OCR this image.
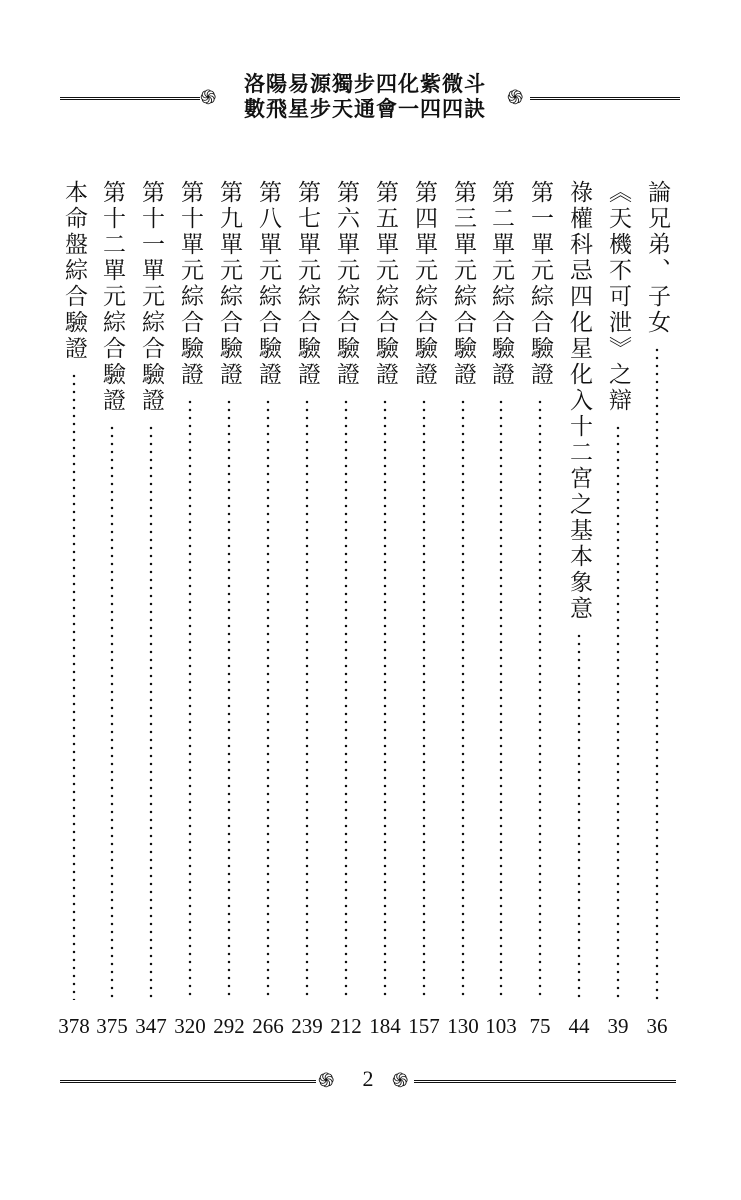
֍
洛陽易源獨步四化紫微斗
數飛星步天通會一四四訣	֍
論兄弟、子女
36
《天機不可泄》之辯
39
祿權科忌四化星化入十二宮之基本象意
44
第一單元綜合驗證
75
第二單元綜合驗證
103
第三單元綜合驗證
130
第四單元綜合驗證
157
第五單元綜合驗證
184
第六單元綜合驗證
212
第七單元綜合驗證
239
第八單元綜合驗證
266
第九單元綜合驗證
292
第十單元綜合驗證
320
第十一單元綜合驗證
347
第十二單元綜合驗證
375
本命盤綜合驗證
378
֍	2 ֍
